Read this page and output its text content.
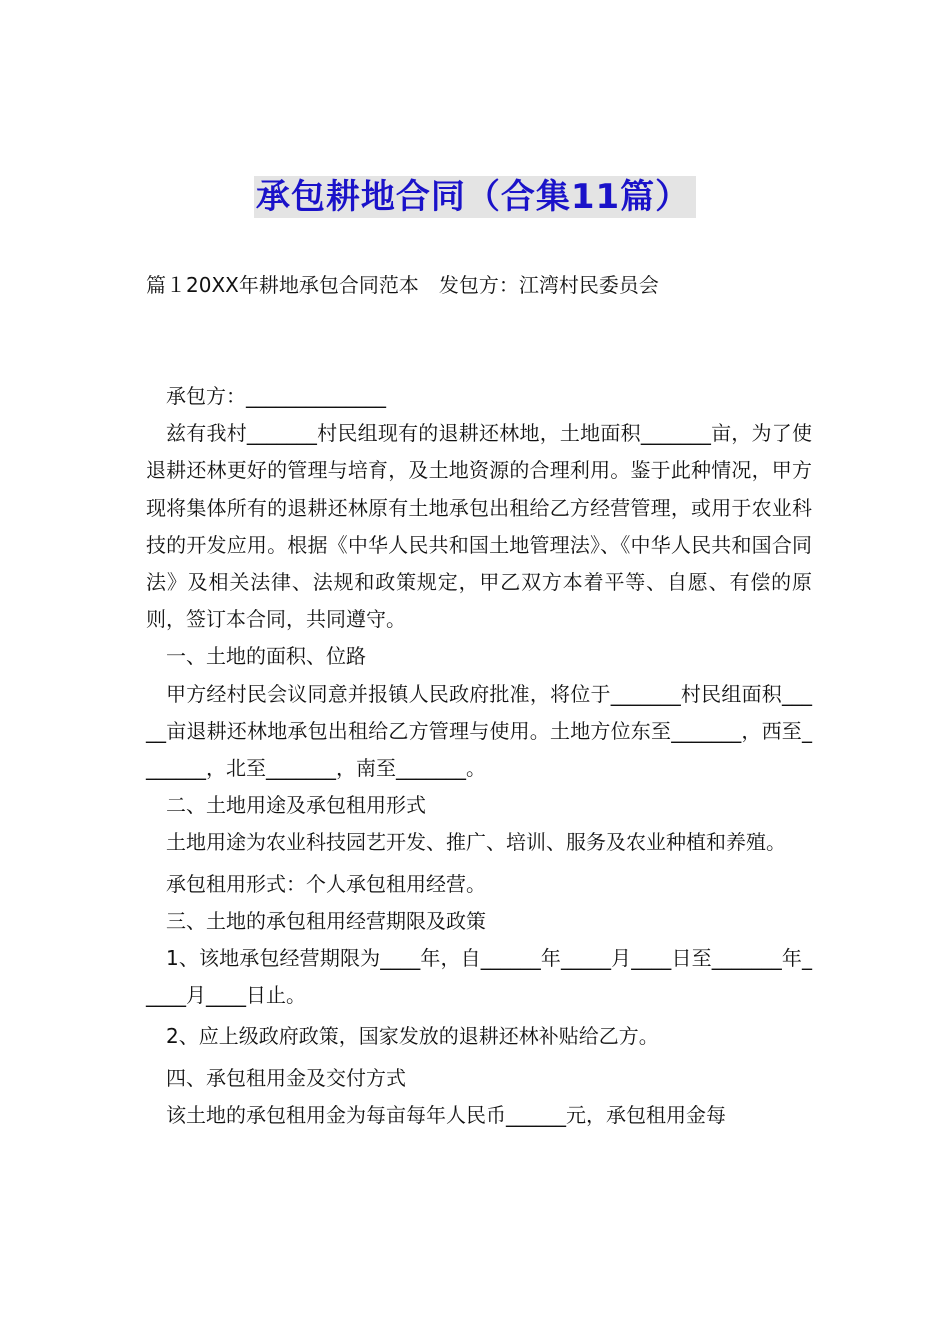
承包耕地合同（合集11篇）
篇１20XX年耕地承包合同范本　发包方：江湾村民委员会

承包方：______________

兹有我村_______村民组现有的退耕还林地，土地面积_______亩，为了使退耕还林更好的管理与培育，及土地资源的合理利用。鉴于此种情况，甲方现将集体所有的退耕还林原有土地承包出租给乙方经营管理，或用于农业科技的开发应用。根据《中华人民共和国土地管理法》、《中华人民共和国合同法》及相关法律、法规和政策规定，甲乙双方本着平等、自愿、有偿的原则，签订本合同，共同遵守。

一、土地的面积、位路

甲方经村民会议同意并报镇人民政府批准，将位于_______村民组面积_____亩退耕还林地承包出租给乙方管理与使用。土地方位东至_______，西至_______，北至_______，南至_______。

二、土地用途及承包租用形式

土地用途为农业科技园艺开发、推广、培训、服务及农业种植和养殖。

承包租用形式：个人承包租用经营。

三、土地的承包租用经营期限及政策

1、该地承包经营期限为____年，自______年_____月____日至_______年_____月____日止。

2、应上级政府政策，国家发放的退耕还林补贴给乙方。

四、承包租用金及交付方式

该土地的承包租用金为每亩每年人民币______元，承包租用金每
